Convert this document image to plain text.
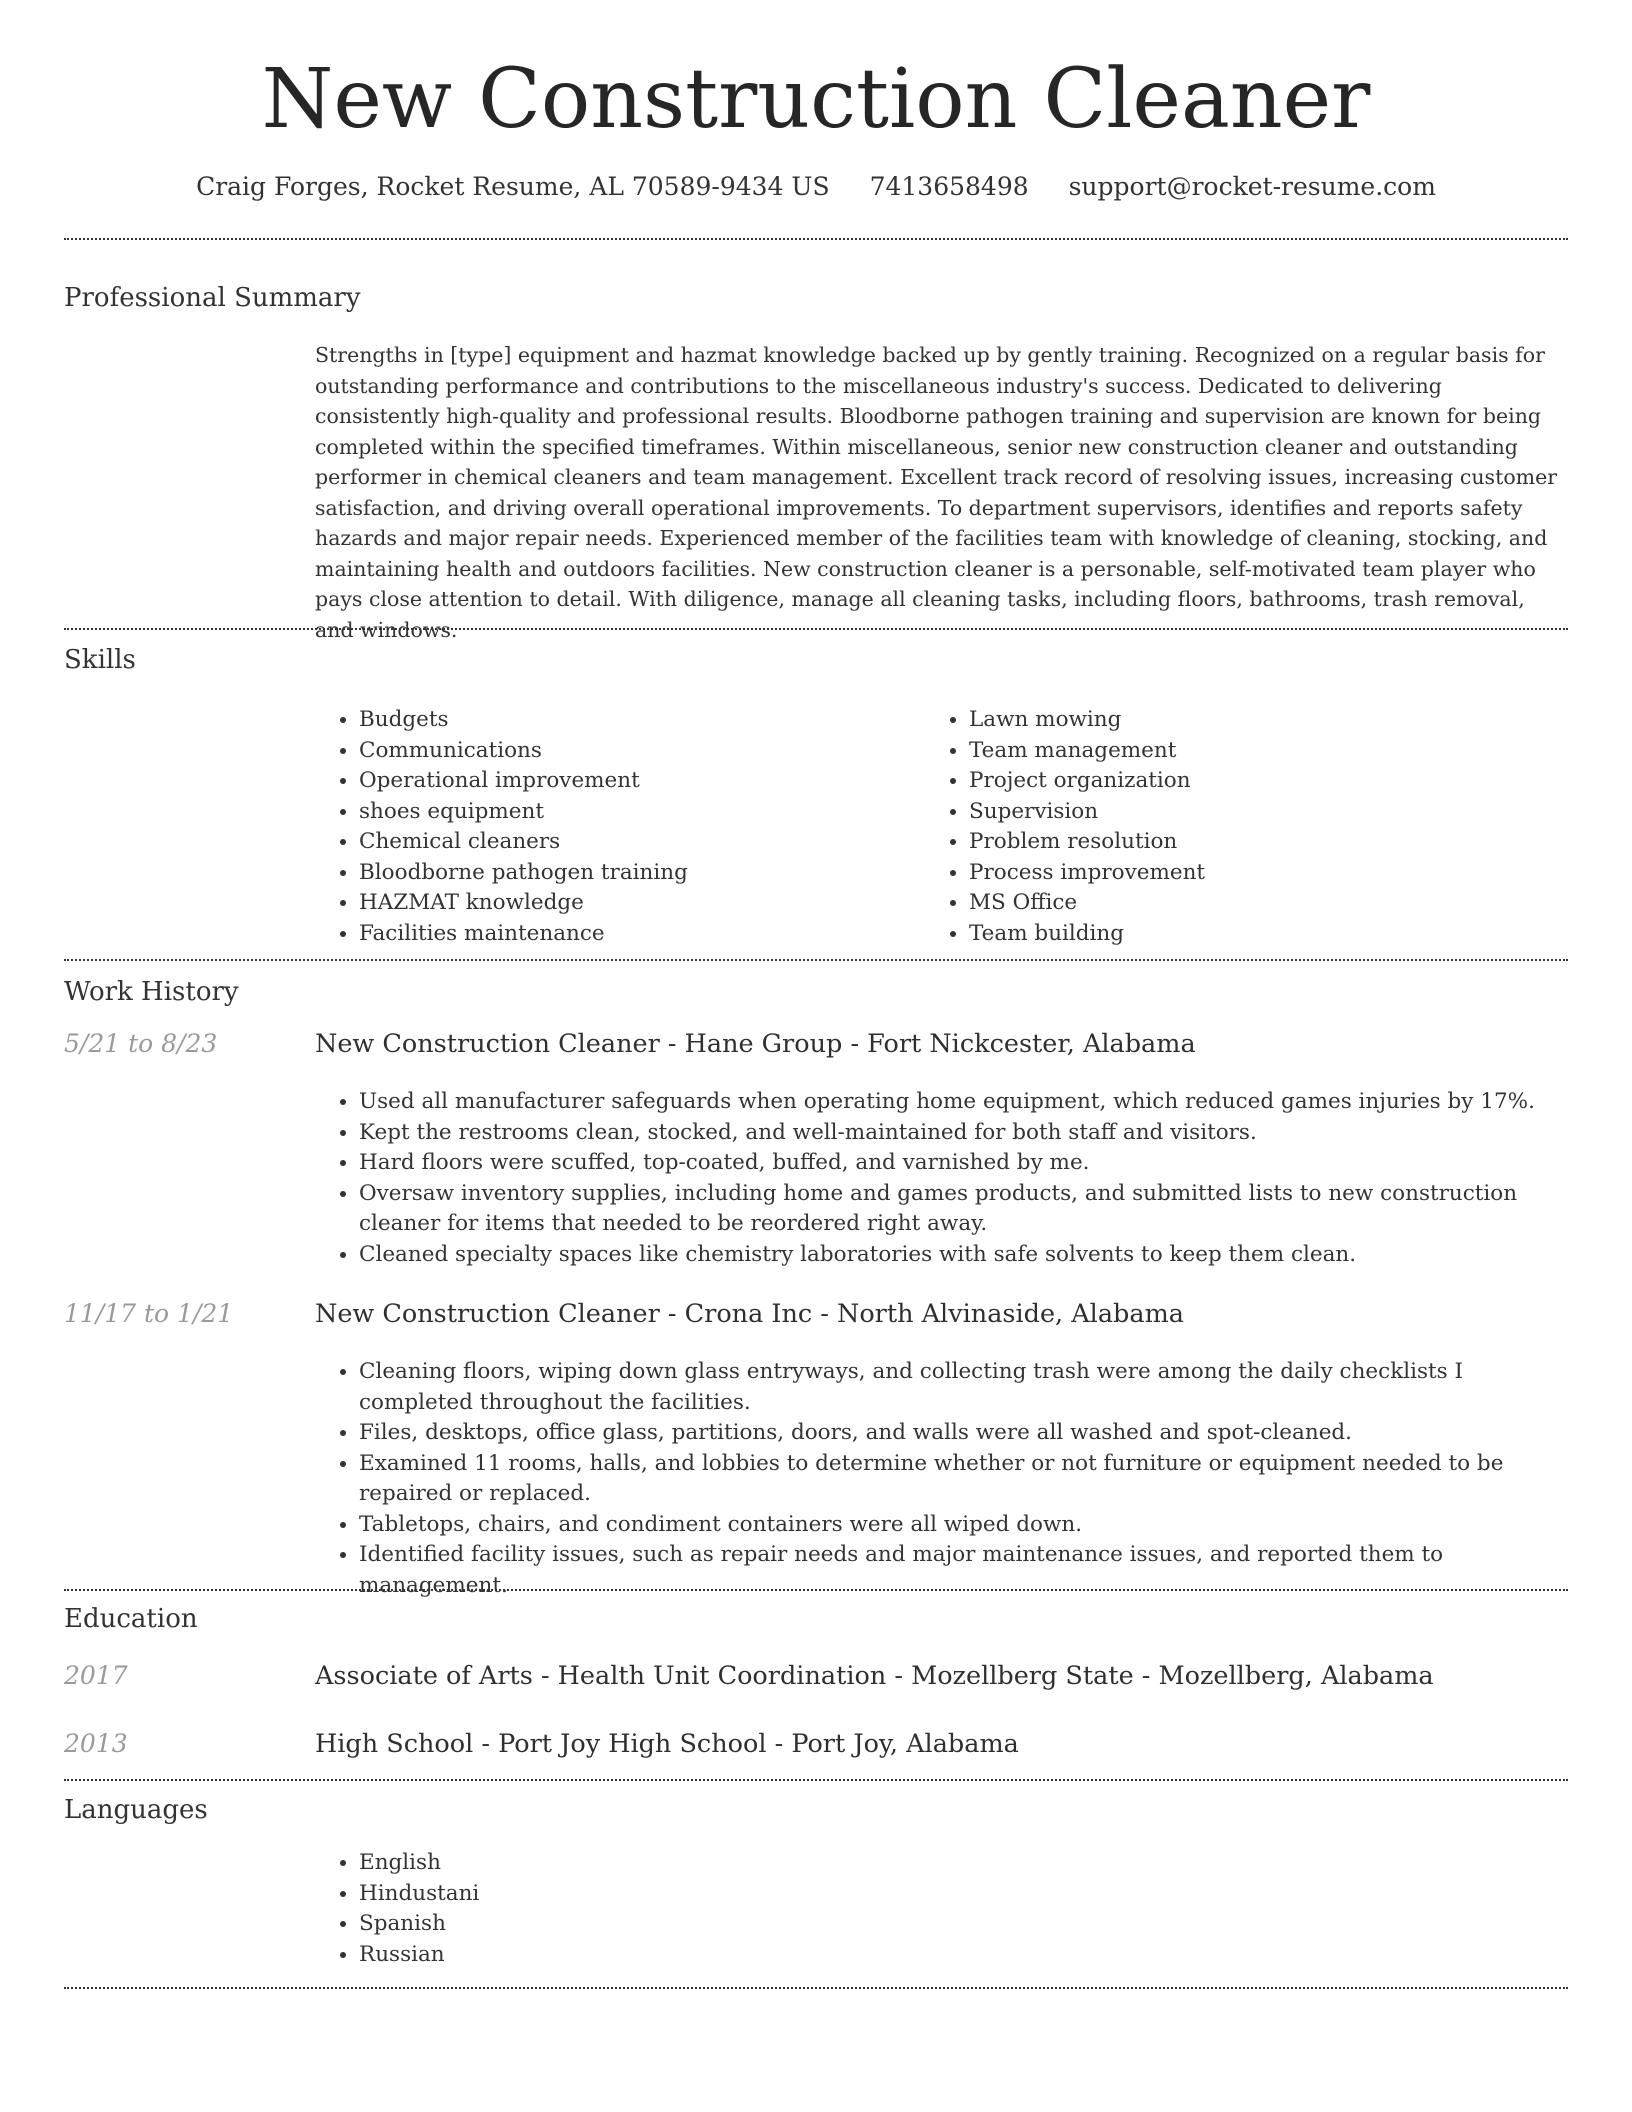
New Construction Cleaner
Craig Forges, Rocket Resume, AL 70589-9434 US 7413658498 support@rocket-resume.com
Professional Summary

Strengths in [type] equipment and hazmat knowledge backed up by gently training. Recognized on a regular basis for outstanding performance and contributions to the miscellaneous industry's success. Dedicated to delivering consistently high-quality and professional results. Bloodborne pathogen training and supervision are known for being completed within the specified timeframes. Within miscellaneous, senior new construction cleaner and outstanding performer in chemical cleaners and team management. Excellent track record of resolving issues, increasing customer satisfaction, and driving overall operational improvements. To department supervisors, identifies and reports safety hazards and major repair needs. Experienced member of the facilities team with knowledge of cleaning, stocking, and maintaining health and outdoors facilities. New construction cleaner is a personable, self-motivated team player who pays close attention to detail. With diligence, manage all cleaning tasks, including floors, bathrooms, trash removal, and windows.

Skills
• Budgets
• Communications
• Operational improvement
• shoes equipment
• Chemical cleaners
• Bloodborne pathogen training
• HAZMAT knowledge
• Facilities maintenance
• Lawn mowing
• Team management
• Project organization
• Supervision
• Problem resolution
• Process improvement
• MS Office
• Team building
Work History
5/21 to 8/23	New Construction Cleaner - Hane Group - Fort Nickcester, Alabama
• Used all manufacturer safeguards when operating home equipment, which reduced games injuries by 17%.
• Kept the restrooms clean, stocked, and well-maintained for both staff and visitors.
• Hard floors were scuffed, top-coated, buffed, and varnished by me.
• Oversaw inventory supplies, including home and games products, and submitted lists to new construction cleaner for items that needed to be reordered right away.
• Cleaned specialty spaces like chemistry laboratories with safe solvents to keep them clean.
11/17 to 1/21	New Construction Cleaner - Crona Inc - North Alvinaside, Alabama
• Cleaning floors, wiping down glass entryways, and collecting trash were among the daily checklists I completed throughout the facilities.
• Files, desktops, office glass, partitions, doors, and walls were all washed and spot-cleaned.
• Examined 11 rooms, halls, and lobbies to determine whether or not furniture or equipment needed to be repaired or replaced.
• Tabletops, chairs, and condiment containers were all wiped down.
• Identified facility issues, such as repair needs and major maintenance issues, and reported them to management.
Education
2017	Associate of Arts - Health Unit Coordination - Mozellberg State - Mozellberg, Alabama
2013	High School - Port Joy High School - Port Joy, Alabama
Languages
• English
• Hindustani
• Spanish
• Russian
